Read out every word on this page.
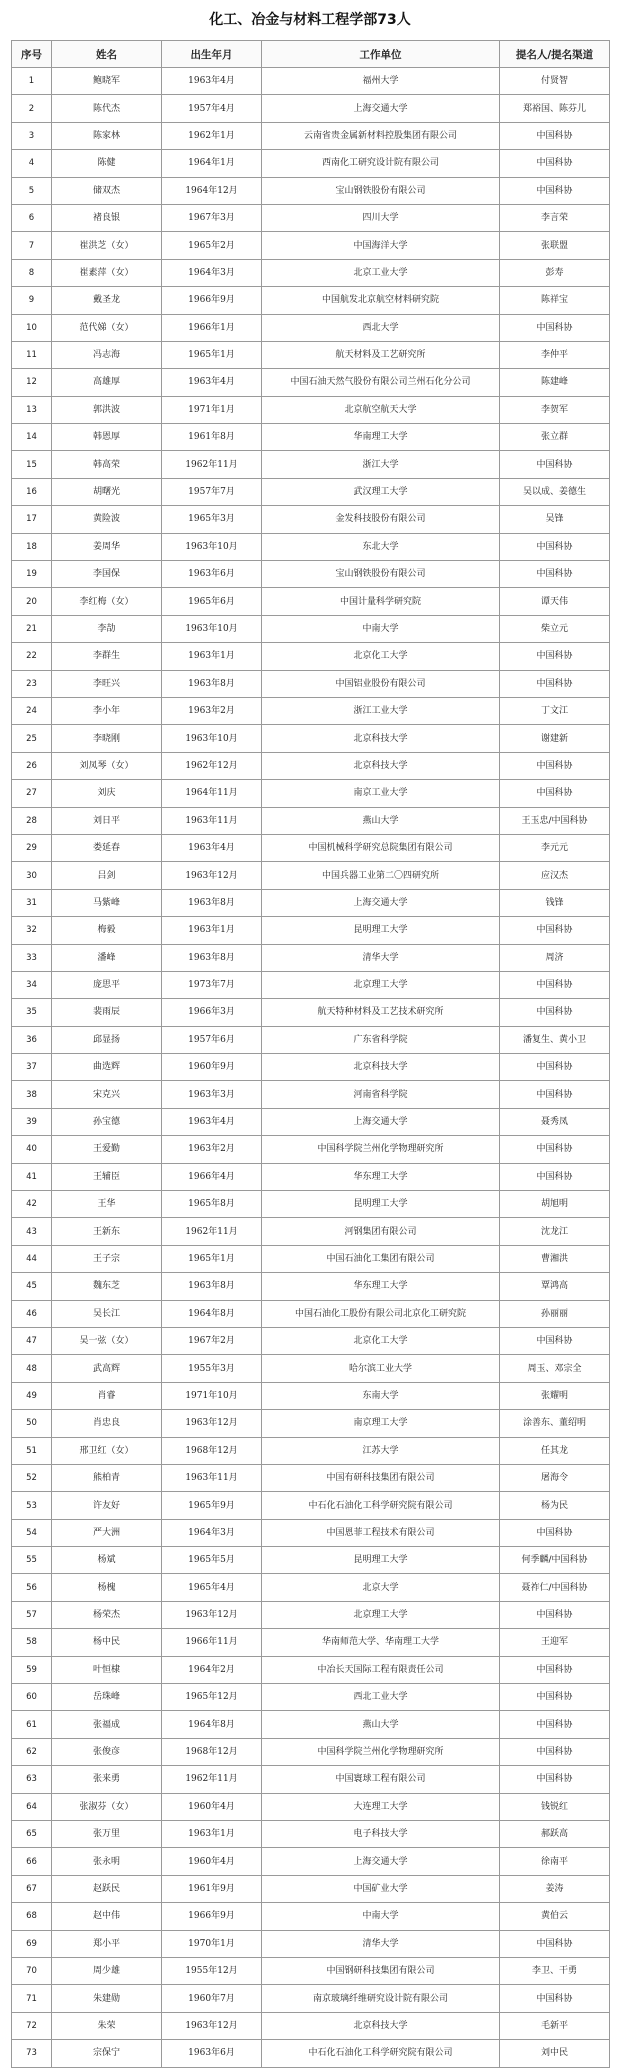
化工、冶金与材料工程学部73人
序号	姓名	出生年月	工作单位	提名人/提名渠道
1	鲍晓军	1963年4月	福州大学	付贤智
2	陈代杰	1957年4月	上海交通大学	郑裕国、陈芬儿
3	陈家林	1962年1月	云南省贵金属新材料控股集团有限公司	中国科协
4	陈健	1964年1月	西南化工研究设计院有限公司	中国科协
5	储双杰	1964年12月	宝山钢铁股份有限公司	中国科协
6	褚良银	1967年3月	四川大学	李言荣
7	崔洪芝（女）	1965年2月	中国海洋大学	张联盟
8	崔素萍（女）	1964年3月	北京工业大学	彭寿
9	戴圣龙	1966年9月	中国航发北京航空材料研究院	陈祥宝
10	范代娣（女）	1966年1月	西北大学	中国科协
11	冯志海	1965年1月	航天材料及工艺研究所	李仲平
12	高雄厚	1963年4月	中国石油天然气股份有限公司兰州石化分公司	陈建峰
13	郭洪波	1971年1月	北京航空航天大学	李贺军
14	韩恩厚	1961年8月	华南理工大学	张立群
15	韩高荣	1962年11月	浙江大学	中国科协
16	胡曙光	1957年7月	武汉理工大学	吴以成、姜德生
17	黄险波	1965年3月	金发科技股份有限公司	吴锋
18	姜周华	1963年10月	东北大学	中国科协
19	李国保	1963年6月	宝山钢铁股份有限公司	中国科协
20	李红梅（女）	1965年6月	中国计量科学研究院	谭天伟
21	李劼	1963年10月	中南大学	柴立元
22	李群生	1963年1月	北京化工大学	中国科协
23	李旺兴	1963年8月	中国铝业股份有限公司	中国科协
24	李小年	1963年2月	浙江工业大学	丁文江
25	李晓刚	1963年10月	北京科技大学	谢建新
26	刘凤琴（女）	1962年12月	北京科技大学	中国科协
27	刘庆	1964年11月	南京工业大学	中国科协
28	刘日平	1963年11月	燕山大学	王玉忠/中国科协
29	娄延春	1963年4月	中国机械科学研究总院集团有限公司	李元元
30	吕剑	1963年12月	中国兵器工业第二〇四研究所	应汉杰
31	马紫峰	1963年8月	上海交通大学	钱锋
32	梅毅	1963年1月	昆明理工大学	中国科协
33	潘峰	1963年8月	清华大学	周济
34	庞思平	1973年7月	北京理工大学	中国科协
35	裴雨辰	1966年3月	航天特种材料及工艺技术研究所	中国科协
36	邱显扬	1957年6月	广东省科学院	潘复生、黄小卫
37	曲选辉	1960年9月	北京科技大学	中国科协
38	宋克兴	1963年3月	河南省科学院	中国科协
39	孙宝德	1963年4月	上海交通大学	聂秀凤
40	王爱勤	1963年2月	中国科学院兰州化学物理研究所	中国科协
41	王辅臣	1966年4月	华东理工大学	中国科协
42	王华	1965年8月	昆明理工大学	胡旭明
43	王新东	1962年11月	河钢集团有限公司	沈龙江
44	王子宗	1965年1月	中国石油化工集团有限公司	曹湘洪
45	魏东芝	1963年8月	华东理工大学	覃鸿高
46	吴长江	1964年8月	中国石油化工股份有限公司北京化工研究院	孙丽丽
47	吴一弦（女）	1967年2月	北京化工大学	中国科协
48	武高辉	1955年3月	哈尔滨工业大学	周玉、邓宗全
49	肖睿	1971年10月	东南大学	张耀明
50	肖忠良	1963年12月	南京理工大学	涂善东、董绍明
51	邢卫红（女）	1968年12月	江苏大学	任其龙
52	熊柏青	1963年11月	中国有研科技集团有限公司	屠海令
53	许友好	1965年9月	中石化石油化工科学研究院有限公司	杨为民
54	严大洲	1964年3月	中国恩菲工程技术有限公司	中国科协
55	杨斌	1965年5月	昆明理工大学	何季麟/中国科协
56	杨槐	1965年4月	北京大学	聂祚仁/中国科协
57	杨荣杰	1963年12月	北京理工大学	中国科协
58	杨中民	1966年11月	华南师范大学、华南理工大学	王迎军
59	叶恒棣	1964年2月	中冶长天国际工程有限责任公司	中国科协
60	岳珠峰	1965年12月	西北工业大学	中国科协
61	张福成	1964年8月	燕山大学	中国科协
62	张俊彦	1968年12月	中国科学院兰州化学物理研究所	中国科协
63	张来勇	1962年11月	中国寰球工程有限公司	中国科协
64	张淑芬（女）	1960年4月	大连理工大学	钱锐红
65	张万里	1963年1月	电子科技大学	郝跃高
66	张永明	1960年4月	上海交通大学	徐南平
67	赵跃民	1961年9月	中国矿业大学	姜涛
68	赵中伟	1966年9月	中南大学	黄伯云
69	郑小平	1970年1月	清华大学	中国科协
70	周少雄	1955年12月	中国钢研科技集团有限公司	李卫、干勇
71	朱建勋	1960年7月	南京玻璃纤维研究设计院有限公司	中国科协
72	朱荣	1963年12月	北京科技大学	毛新平
73	宗保宁	1963年6月	中石化石油化工科学研究院有限公司	刘中民
